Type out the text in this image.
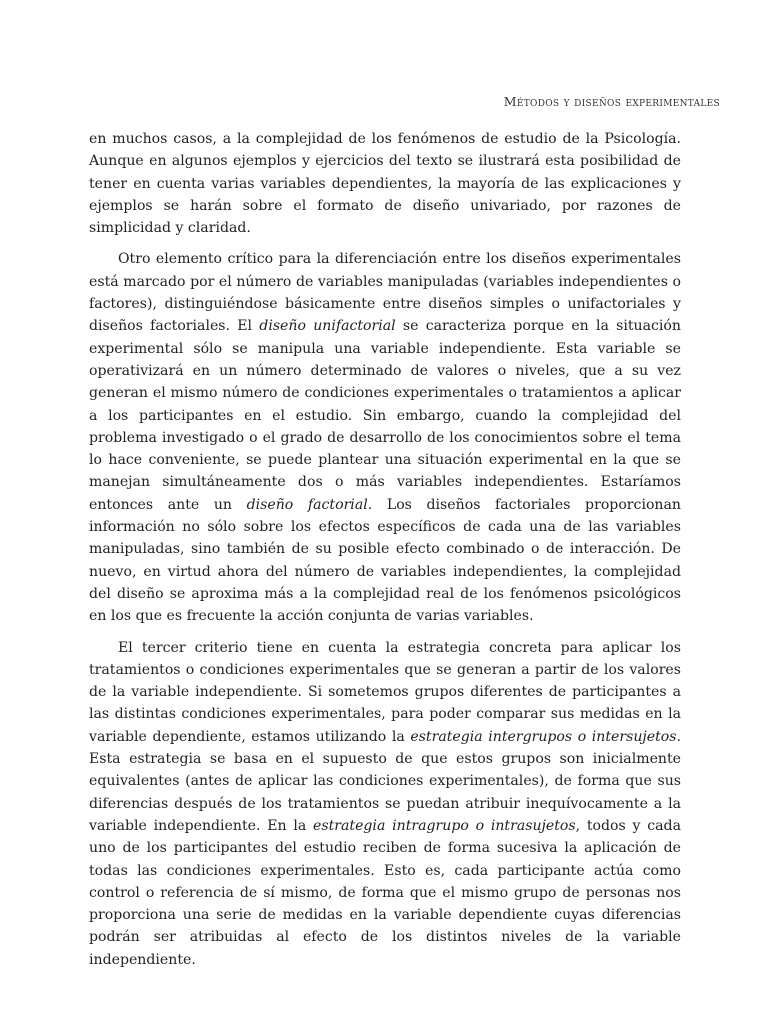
Métodos y diseños experimentales

en muchos casos, a la complejidad de los fenómenos de estudio de la Psicología. Aunque en algunos ejemplos y ejercicios del texto se ilustrará esta posibilidad de tener en cuenta varias variables dependientes, la mayoría de las explicaciones y ejemplos se harán sobre el formato de diseño univariado, por razones de simplicidad y claridad.

Otro elemento crítico para la diferenciación entre los diseños experimentales está marcado por el número de variables manipuladas (variables independientes o factores), distinguiéndose básicamente entre diseños simples o unifactoriales y diseños factoriales. El diseño unifactorial se caracteriza porque en la situación experimental sólo se manipula una variable independiente. Esta variable se operativizará en un número determinado de valores o niveles, que a su vez generan el mismo número de condiciones experimentales o tratamientos a aplicar a los participantes en el estudio. Sin embargo, cuando la complejidad del problema investigado o el grado de desarrollo de los conocimientos sobre el tema lo hace conveniente, se puede plantear una situación experimental en la que se manejan simultáneamente dos o más variables independientes. Estaríamos entonces ante un diseño factorial. Los diseños factoriales proporcionan información no sólo sobre los efectos específicos de cada una de las variables manipuladas, sino también de su posible efecto combinado o de interacción. De nuevo, en virtud ahora del número de variables independientes, la complejidad del diseño se aproxima más a la complejidad real de los fenómenos psicológicos en los que es frecuente la acción conjunta de varias variables.

El tercer criterio tiene en cuenta la estrategia concreta para aplicar los tratamientos o condiciones experimentales que se generan a partir de los valores de la variable independiente. Si sometemos grupos diferentes de participantes a las distintas condiciones experimentales, para poder comparar sus medidas en la variable dependiente, estamos utilizando la estrategia intergrupos o intersujetos. Esta estrategia se basa en el supuesto de que estos grupos son inicialmente equivalentes (antes de aplicar las condiciones experimentales), de forma que sus diferencias después de los tratamientos se puedan atribuir inequívocamente a la variable independiente. En la estrategia intragrupo o intrasujetos, todos y cada uno de los participantes del estudio reciben de forma sucesiva la aplicación de todas las condiciones experimentales. Esto es, cada participante actúa como control o referencia de sí mismo, de forma que el mismo grupo de personas nos proporciona una serie de medidas en la variable dependiente cuyas diferencias podrán ser atribuidas al efecto de los distintos niveles de la variable independiente.
